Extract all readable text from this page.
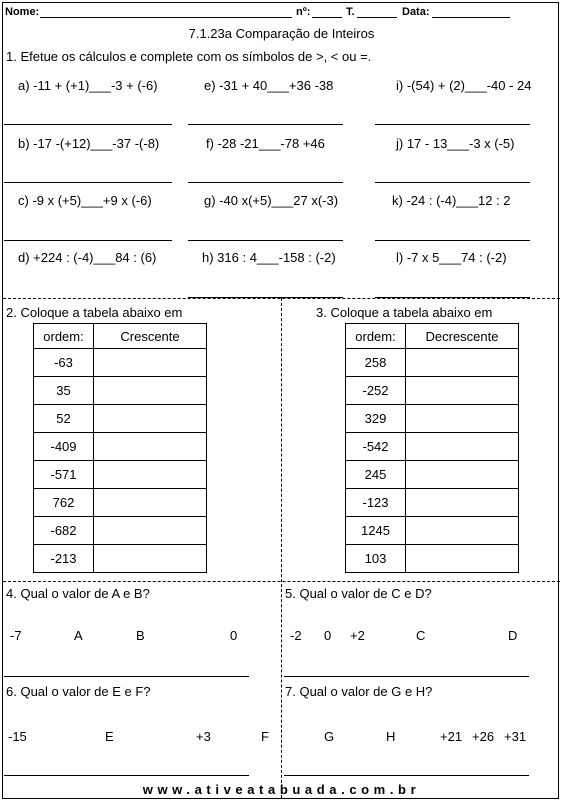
Nome:	nº:	T.	Data:
7.1.23a Comparação de Inteiros
1. Efetue os cálculos e complete com os símbolos de >, < ou =.
a) -11 + (+1)___-3 + (-6)	e) -31 + 40___+36 -38	i) -(54) + (2)___-40 - 24
b) -17 -(+12)___-37 -(-8)	f) -28 -21___-78 +46	j) 17 - 13___-3 x (-5)
c) -9 x (+5)___+9 x (-6)	g) -40 x(+5)___27 x(-3)	k) -24 : (-4)___12 : 2
d) +224 : (-4)___84 : (6)	h) 316 : 4___-158 : (-2)	l) -7 x 5___74 : (-2)
2. Coloque a tabela abaixo em
ordem:	Crescente
-63	
35	
52	
-409	
-571	
762	
-682	
-213	
3. Coloque a tabela abaixo em
ordem:	Decrescente
258	
-252	
329	
-542	
245	
-123	
1245	
103	
4. Qual o valor de A e B?
-7	A	B	0
5. Qual o valor de C e D?
-2 0 +2	C	D
6. Qual o valor de E e F?
-15	E	+3	F
7. Qual o valor de G e H?
G	H	+21 +26 +31
www.ativeatabuada.com.br
